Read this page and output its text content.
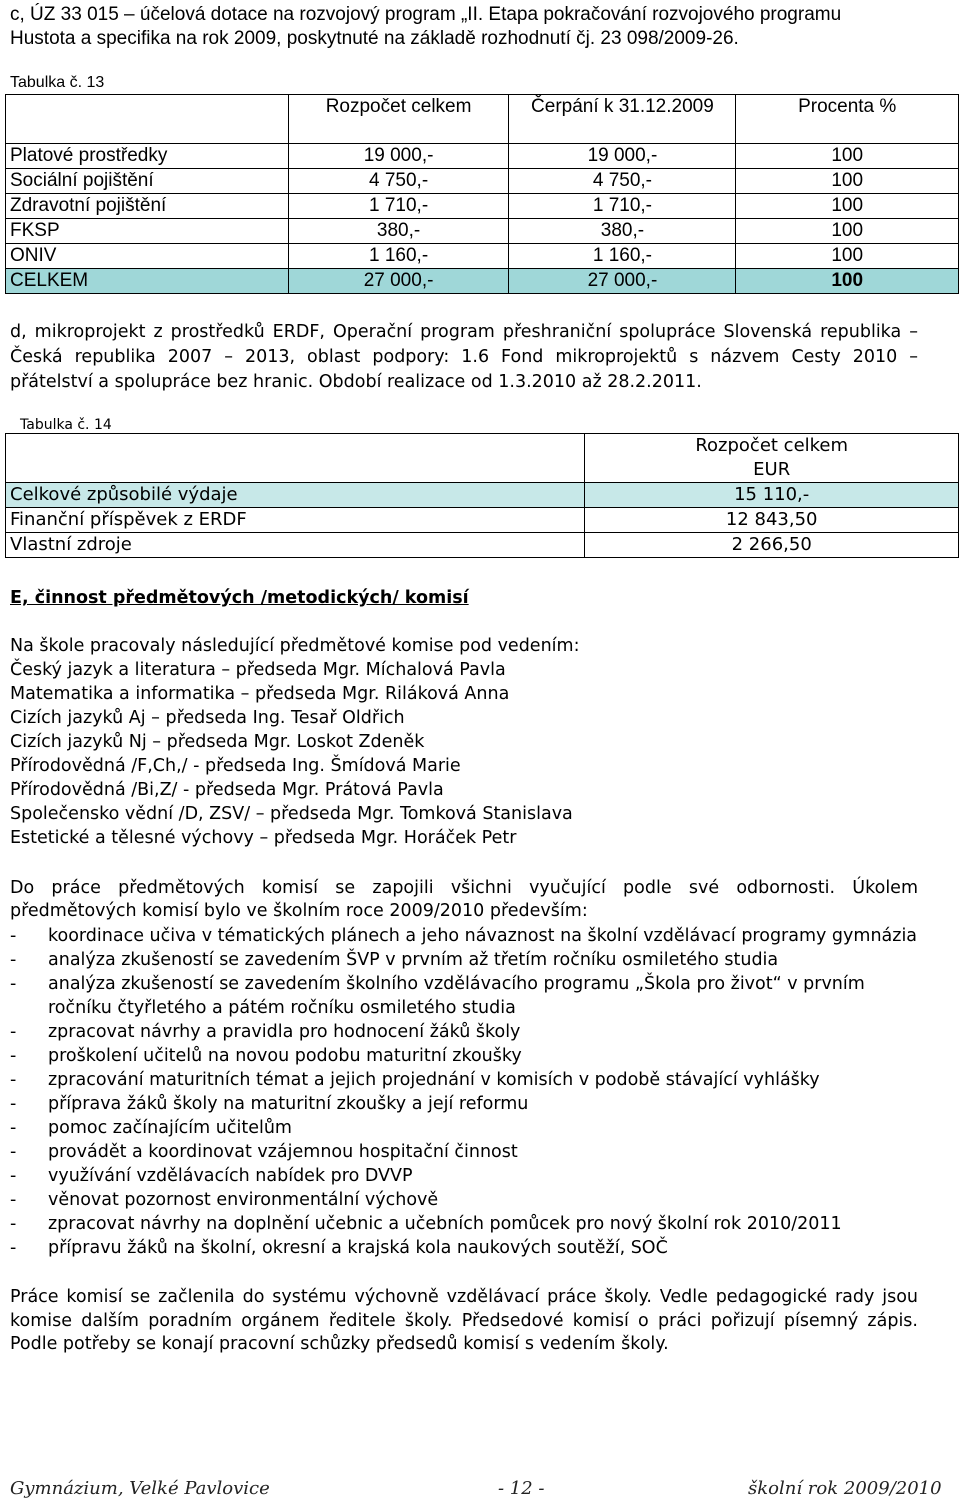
c, ÚZ 33 015 – účelová dotace na rozvojový program „II. Etapa pokračování rozvojového programu
Hustota a specifika na rok 2009, poskytnuté na základě rozhodnutí čj. 23 098/2009-26.
Tabulka č. 13
	Rozpočet celkem	Čerpání k 31.12.2009	Procenta %
Platové prostředky	19 000,-	19 000,-	100
Sociální pojištění	4 750,-	4 750,-	100
Zdravotní pojištění	1 710,-	1 710,-	100
FKSP	380,-	380,-	100
ONIV	1 160,-	1 160,-	100
CELKEM	27 000,-	27 000,-	100
d, mikroprojekt z prostředků ERDF, Operační program přeshraniční spolupráce Slovenská republika –
Česká republika 2007 – 2013, oblast podpory: 1.6 Fond mikroprojektů s názvem Cesty 2010 –
přátelství a spolupráce bez hranic. Období realizace od 1.3.2010 až 28.2.2011.
Tabulka č. 14

	Rozpočet celkem
EUR

Celkové způsobilé výdaje	15 110,-
Finanční příspěvek z ERDF	12 843,50
Vlastní zdroje	2 266,50
E, činnost předmětových /metodických/ komisí
Na škole pracovaly následující předmětové komise pod vedením:
Český jazyk a literatura – předseda Mgr. Míchalová Pavla
Matematika a informatika – předseda Mgr. Riláková Anna
Cizích jazyků Aj – předseda Ing. Tesař Oldřich
Cizích jazyků Nj – předseda Mgr. Loskot Zdeněk
Přírodovědná /F,Ch,/ - předseda Ing. Šmídová Marie
Přírodovědná /Bi,Z/ - předseda Mgr. Prátová Pavla
Společensko vědní /D, ZSV/ – předseda Mgr. Tomková Stanislava
Estetické a tělesné výchovy – předseda Mgr. Horáček Petr
Do práce předmětových komisí se zapojili všichni vyučující podle své odbornosti. Úkolem
předmětových komisí bylo ve školním roce 2009/2010 především:
- koordinace učiva v tématických plánech a jeho návaznost na školní vzdělávací programy gymnázia
- analýza zkušeností se zavedením ŠVP v prvním až třetím ročníku osmiletého studia
- analýza zkušeností se zavedením školního vzdělávacího programu „Škola pro život“ v prvním
ročníku čtyřletého a pátém ročníku osmiletého studia
- zpracovat návrhy a pravidla pro hodnocení žáků školy
- proškolení učitelů na novou podobu maturitní zkoušky
- zpracování maturitních témat a jejich projednání v komisích v podobě stávající vyhlášky
- příprava žáků školy na maturitní zkoušky a její reformu
- pomoc začínajícím učitelům
- provádět a koordinovat vzájemnou hospitační činnost
- využívání vzdělávacích nabídek pro DVVP
- věnovat pozornost environmentální výchově
- zpracovat návrhy na doplnění učebnic a učebních pomůcek pro nový školní rok 2010/2011
- přípravu žáků na školní, okresní a krajská kola naukových soutěží, SOČ
Práce komisí se začlenila do systému výchovně vzdělávací práce školy. Vedle pedagogické rady jsou
komise dalším poradním orgánem ředitele školy. Předsedové komisí o práci pořizují písemný zápis.
Podle potřeby se konají pracovní schůzky předsedů komisí s vedením školy.
Gymnázium, Velké Pavlovice	- 12 -	školní rok 2009/2010
